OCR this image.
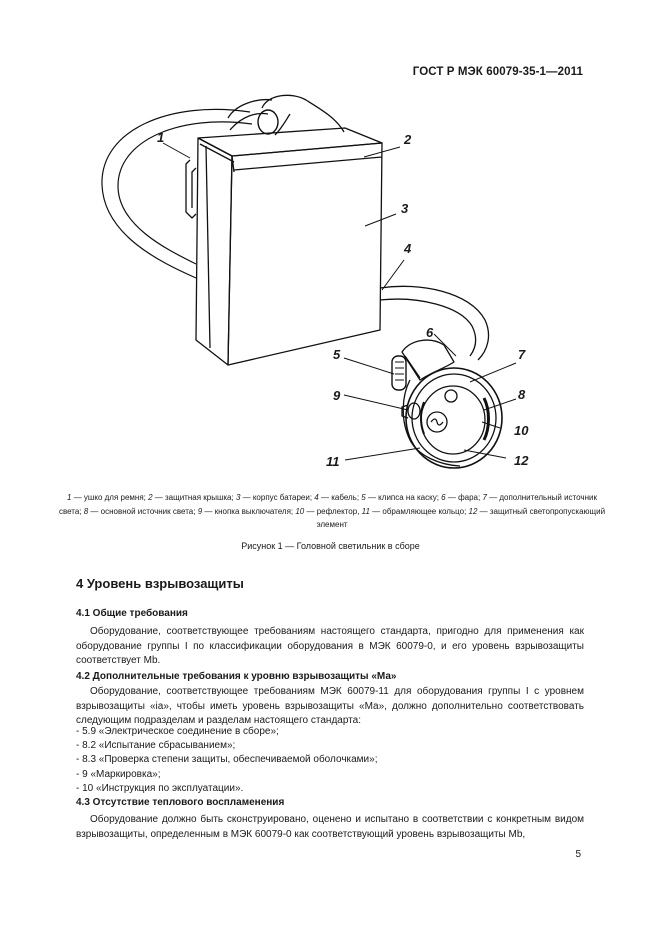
ГОСТ Р МЭК 60079-35-1—2011
1	2
3
4
5
6
7
8
9
10
11	12
1 — ушко для ремня; 2 — защитная крышка; 3 — корпус батареи; 4 — кабель; 5 — клипса на каску; 6 — фара; 7 — дополнительный источник света; 8 — основной источник света; 9 — кнопка выключателя; 10 — рефлектор, 11 — обрамляющее кольцо; 12 — защитный светопропускающий элемент
Рисунок 1 — Головной светильник в сборе
4 Уровень взрывозащиты
4.1 Общие требования
Оборудование, соответствующее требованиям настоящего стандарта, пригодно для применения как оборудование группы I по классификации оборудования в МЭК 60079-0, и его уровень взрывозащиты соответствует Mb.
4.2 Дополнительные требования к уровню взрывозащиты «Ма»
Оборудование, соответствующее требованиям МЭК 60079-11 для оборудования группы I с уровнем взрывозащиты «ia», чтобы иметь уровень взрывозащиты «Ма», должно дополнительно соответствовать следующим подразделам и разделам настоящего стандарта:
- 5.9 «Электрическое соединение в сборе»;
- 8.2 «Испытание сбрасыванием»;
- 8.3 «Проверка степени защиты, обеспечиваемой оболочками»;
- 9 «Маркировка»;
- 10 «Инструкция по эксплуатации».
4.3 Отсутствие теплового воспламенения
Оборудование должно быть сконструировано, оценено и испытано в соответствии с конкретным видом взрывозащиты, определенным в МЭК 60079-0 как соответствующий уровень взрывозащиты Mb,
5
